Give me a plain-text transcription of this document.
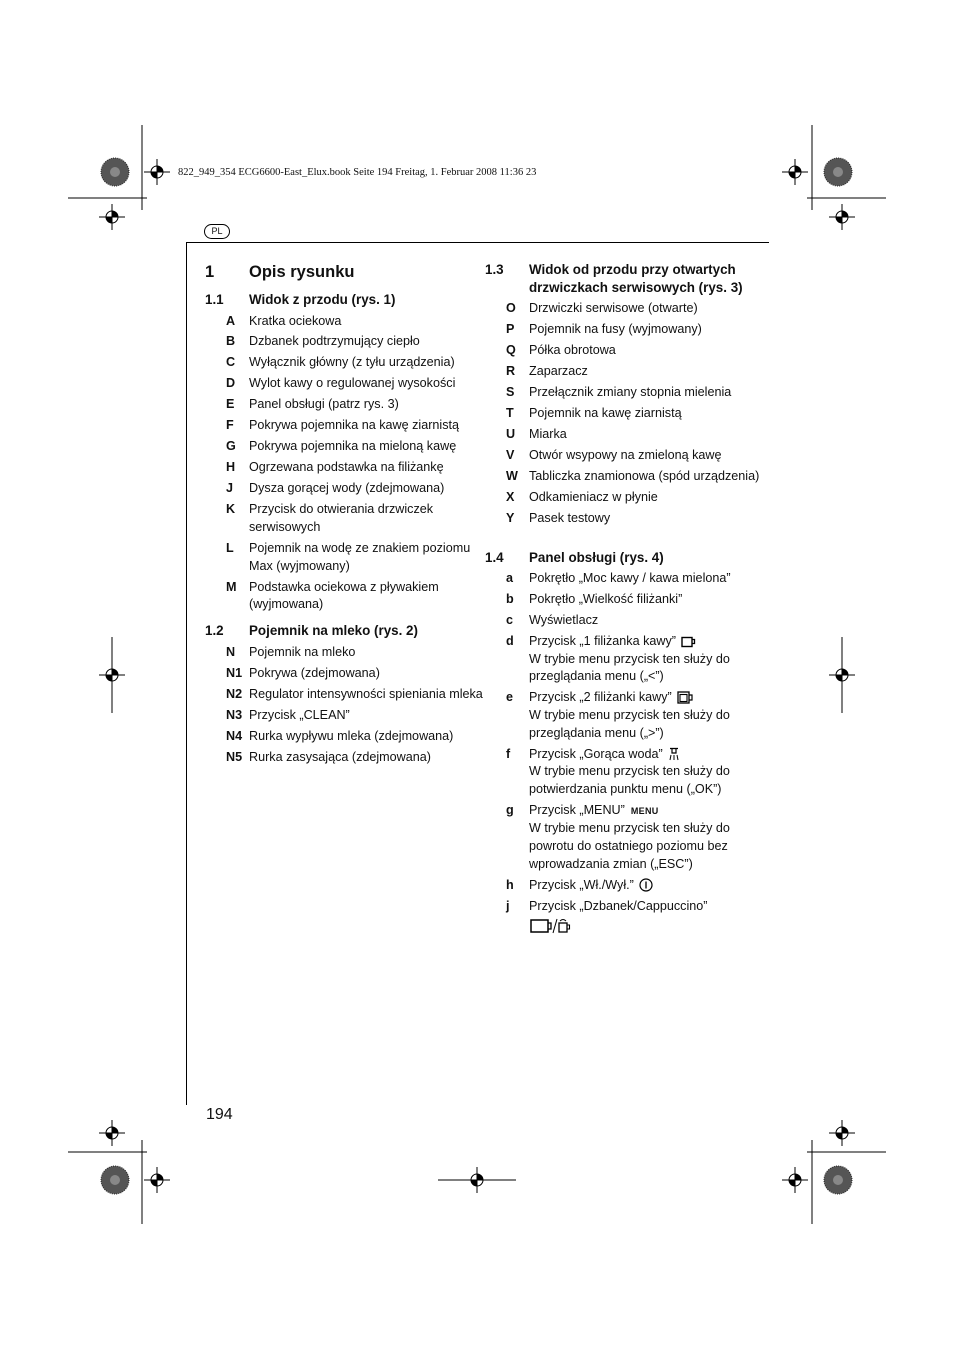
822_949_354 ECG6600-East_Elux.book Seite 194 Freitag, 1. Februar 2008 11:36 23
PL
1	Opis rysunku
1.1	Widok z przodu (rys. 1)
A	Kratka ociekowa
B	Dzbanek podtrzymujący ciepło
C	Wyłącznik główny (z tyłu urządzenia)
D	Wylot kawy o regulowanej wysokości
E	Panel obsługi (patrz rys. 3)
F	Pokrywa pojemnika na kawę ziarnistą
G	Pokrywa pojemnika na mieloną kawę
H	Ogrzewana podstawka na filiżankę
J	Dysza gorącej wody (zdejmowana)
K	Przycisk do otwierania drzwiczek serwisowych
L	Pojemnik na wodę ze znakiem poziomu Max (wyjmowany)
M Podstawka ociekowa z pływakiem (wyjmowana)
1.2	Pojemnik na mleko (rys. 2)
N	Pojemnik na mleko
N1 Pokrywa (zdejmowana)
N2 Regulator intensywności spieniania mleka
N3 Przycisk „CLEAN”
N4 Rurka wypływu mleka (zdejmowana)
N5 Rurka zasysająca (zdejmowana)
1.3	Widok od przodu przy otwartych drzwiczkach serwisowych (rys. 3)
O	Drzwiczki serwisowe (otwarte)
P	Pojemnik na fusy (wyjmowany)
Q	Półka obrotowa
R	Zaparzacz
S	Przełącznik zmiany stopnia mielenia
T	Pojemnik na kawę ziarnistą
U	Miarka
V	Otwór wsypowy na zmieloną kawę
W Tabliczka znamionowa (spód urządzenia)
X	Odkamieniacz w płynie
Y	Pasek testowy
1.4	Panel obsługi (rys. 4)
a	Pokrętło „Moc kawy / kawa mielona”
b	Pokrętło „Wielkość filiżanki”
c	Wyświetlacz
d	Przycisk „1 filiżanka kawy”
W trybie menu przycisk ten służy do przeglądania menu („<”)
e	Przycisk „2 filiżanki kawy”
W trybie menu przycisk ten służy do przeglądania menu („>”)
f	Przycisk „Gorąca woda”
W trybie menu przycisk ten służy do potwierdzania punktu menu („OK”)
g	Przycisk „MENU” MENU
W trybie menu przycisk ten służy do powrotu do ostatniego poziomu bez wprowadzania zmian („ESC”)
h	Przycisk „Wł./Wył.”
j	Przycisk „Dzbanek/Cappuccino”

194
